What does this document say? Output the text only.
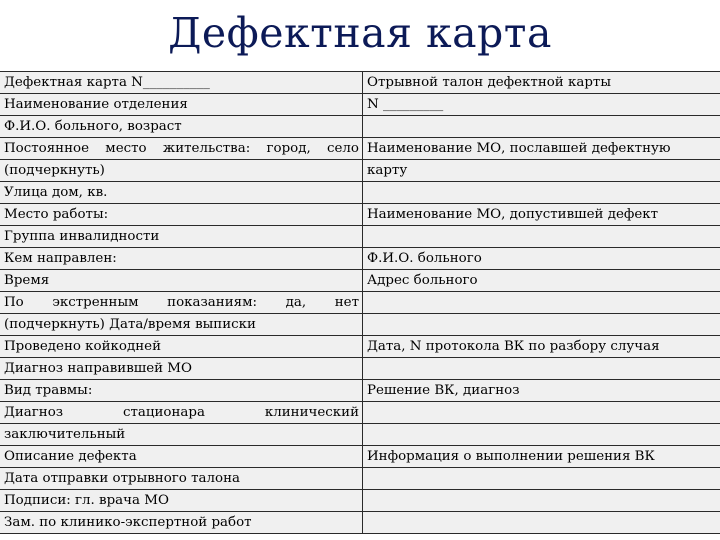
Дефектная карта
Дефектная карта N__________	Отрывной талон дефектной карты
Наименование отделения	N _________
Ф.И.О. больного, возраст	

Постоянное место жительства: город, село	Наименование МО, пославшей дефектную
(подчеркнуть)	карту
Улица дом, кв.	
Место работы:	Наименование МО, допустившей дефект
Группа инвалидности	
Кем направлен:	Ф.И.О. больного
Время	Адрес больного

По экстренным показаниям: да, нет	

(подчеркнуть) Дата/время выписки	
Проведено койкодней	Дата, N протокола ВК по разбору случая
Диагноз направившей МО	
Вид травмы:	Решение ВК, диагноз

Диагноз стационара клинический	

заключительный	
Описание дефекта	Информация о выполнении решения ВК
Дата отправки отрывного талона	
Подписи: гл. врача МО	
Зам. по клинико-экспертной работ	
